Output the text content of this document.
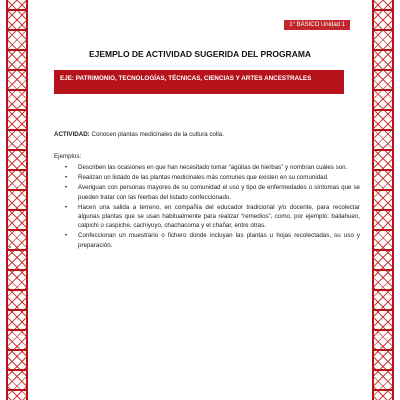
1° BÁSICO Unidad 1
EJEMPLO DE ACTIVIDAD SUGERIDA DEL PROGRAMA
EJE: PATRIMONIO, TECNOLOGÍAS, TÉCNICAS, CIENCIAS Y ARTES ANCESTRALES
ACTIVIDAD: Conocen plantas medicinales de la cultura colla.
Ejemplos:
• Describen las ocasiones en que han necesitado tomar “agüitas de hierbas” y nombran cuáles son.
• Realizan un listado de las plantas medicinales más comunes que existen en su comunidad.
• Averiguan con personas mayores de su comunidad el uso y tipo de enfermedades o síntomas que se pueden tratar con las hierbas del listado confeccionado.
• Hacen una salida a terreno, en compañía del educador tradicional y/o docente, para recolectar algunas plantas que se usan habitualmente para realizar “remedios”, como, por ejemplo: bailahuen, calpichi o caspiche, cachiyuyo, chachacoma y el chañar, entre otras.
• Confeccionan un muestrario o fichero donde incluyan las plantas u hojas recolectadas, su uso y preparación.
